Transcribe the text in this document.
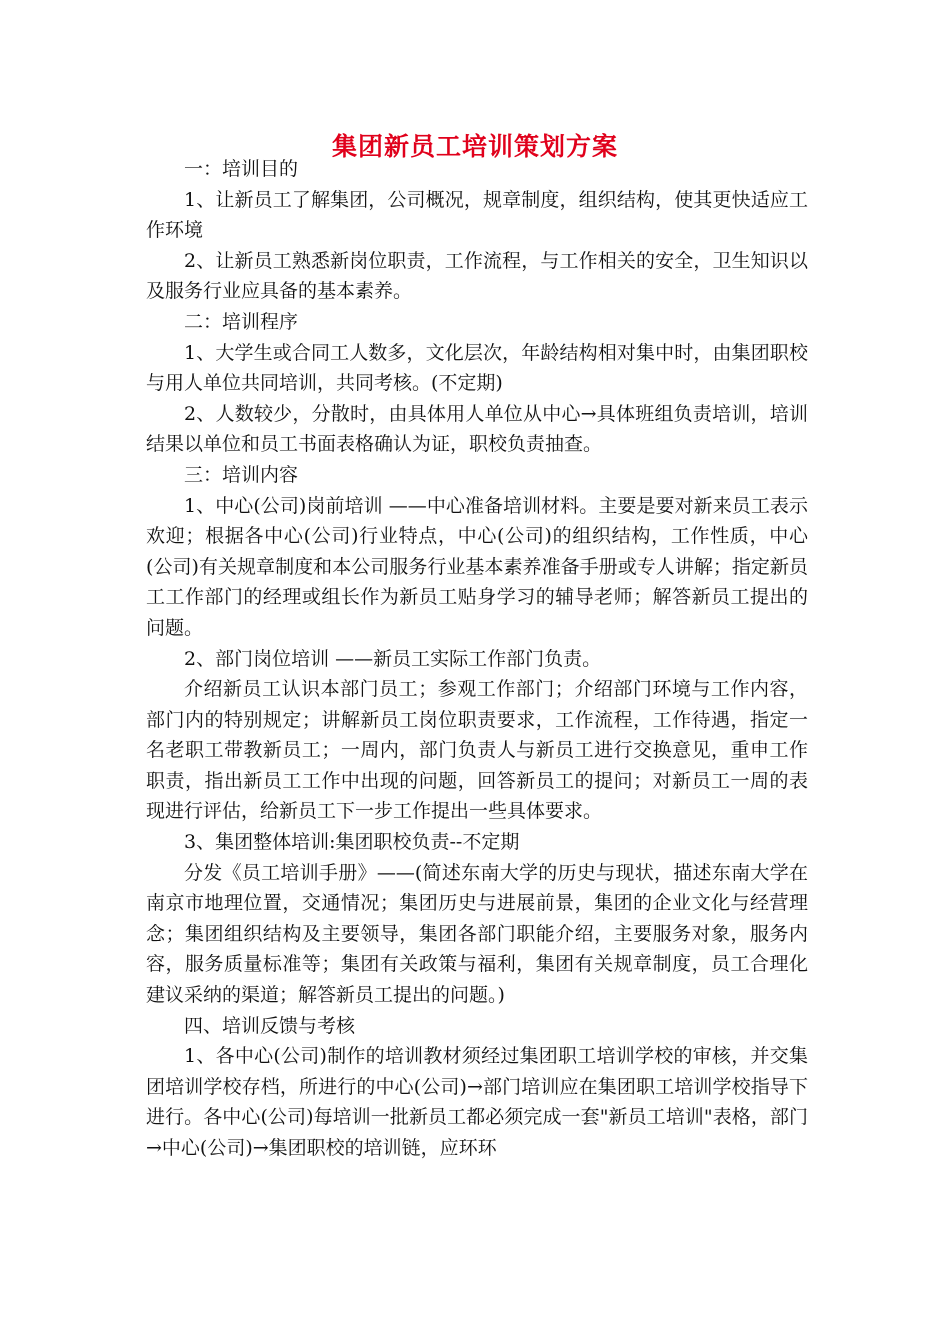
集团新员工培训策划方案

一：培训目的

1、让新员工了解集团，公司概况，规章制度，组织结构，使其更快适应工作环境

2、让新员工熟悉新岗位职责，工作流程，与工作相关的安全，卫生知识以及服务行业应具备的基本素养。

二：培训程序

1、大学生或合同工人数多，文化层次，年龄结构相对集中时，由集团职校与用人单位共同培训，共同考核。(不定期)

2、人数较少，分散时，由具体用人单位从中心→具体班组负责培训，培训结果以单位和员工书面表格确认为证，职校负责抽查。

三：培训内容

1、中心(公司)岗前培训 ——中心准备培训材料。主要是要对新来员工表示欢迎；根据各中心(公司)行业特点，中心(公司)的组织结构，工作性质，中心(公司)有关规章制度和本公司服务行业基本素养准备手册或专人讲解；指定新员工工作部门的经理或组长作为新员工贴身学习的辅导老师；解答新员工提出的问题。

2、部门岗位培训 ——新员工实际工作部门负责。

介绍新员工认识本部门员工；参观工作部门；介绍部门环境与工作内容，部门内的特别规定；讲解新员工岗位职责要求，工作流程，工作待遇，指定一名老职工带教新员工；一周内，部门负责人与新员工进行交换意见，重申工作职责，指出新员工工作中出现的问题，回答新员工的提问；对新员工一周的表现进行评估，给新员工下一步工作提出一些具体要求。

3、集团整体培训:集团职校负责--不定期

分发《员工培训手册》——(简述东南大学的历史与现状，描述东南大学在南京市地理位置，交通情况；集团历史与进展前景，集团的企业文化与经营理念；集团组织结构及主要领导，集团各部门职能介绍，主要服务对象，服务内容，服务质量标准等；集团有关政策与福利，集团有关规章制度，员工合理化建议采纳的渠道；解答新员工提出的问题。)

四、培训反馈与考核

1、各中心(公司)制作的培训教材须经过集团职工培训学校的审核，并交集团培训学校存档，所进行的中心(公司)→部门培训应在集团职工培训学校指导下进行。各中心(公司)每培训一批新员工都必须完成一套"新员工培训"表格，部门→中心(公司)→集团职校的培训链，应环环
